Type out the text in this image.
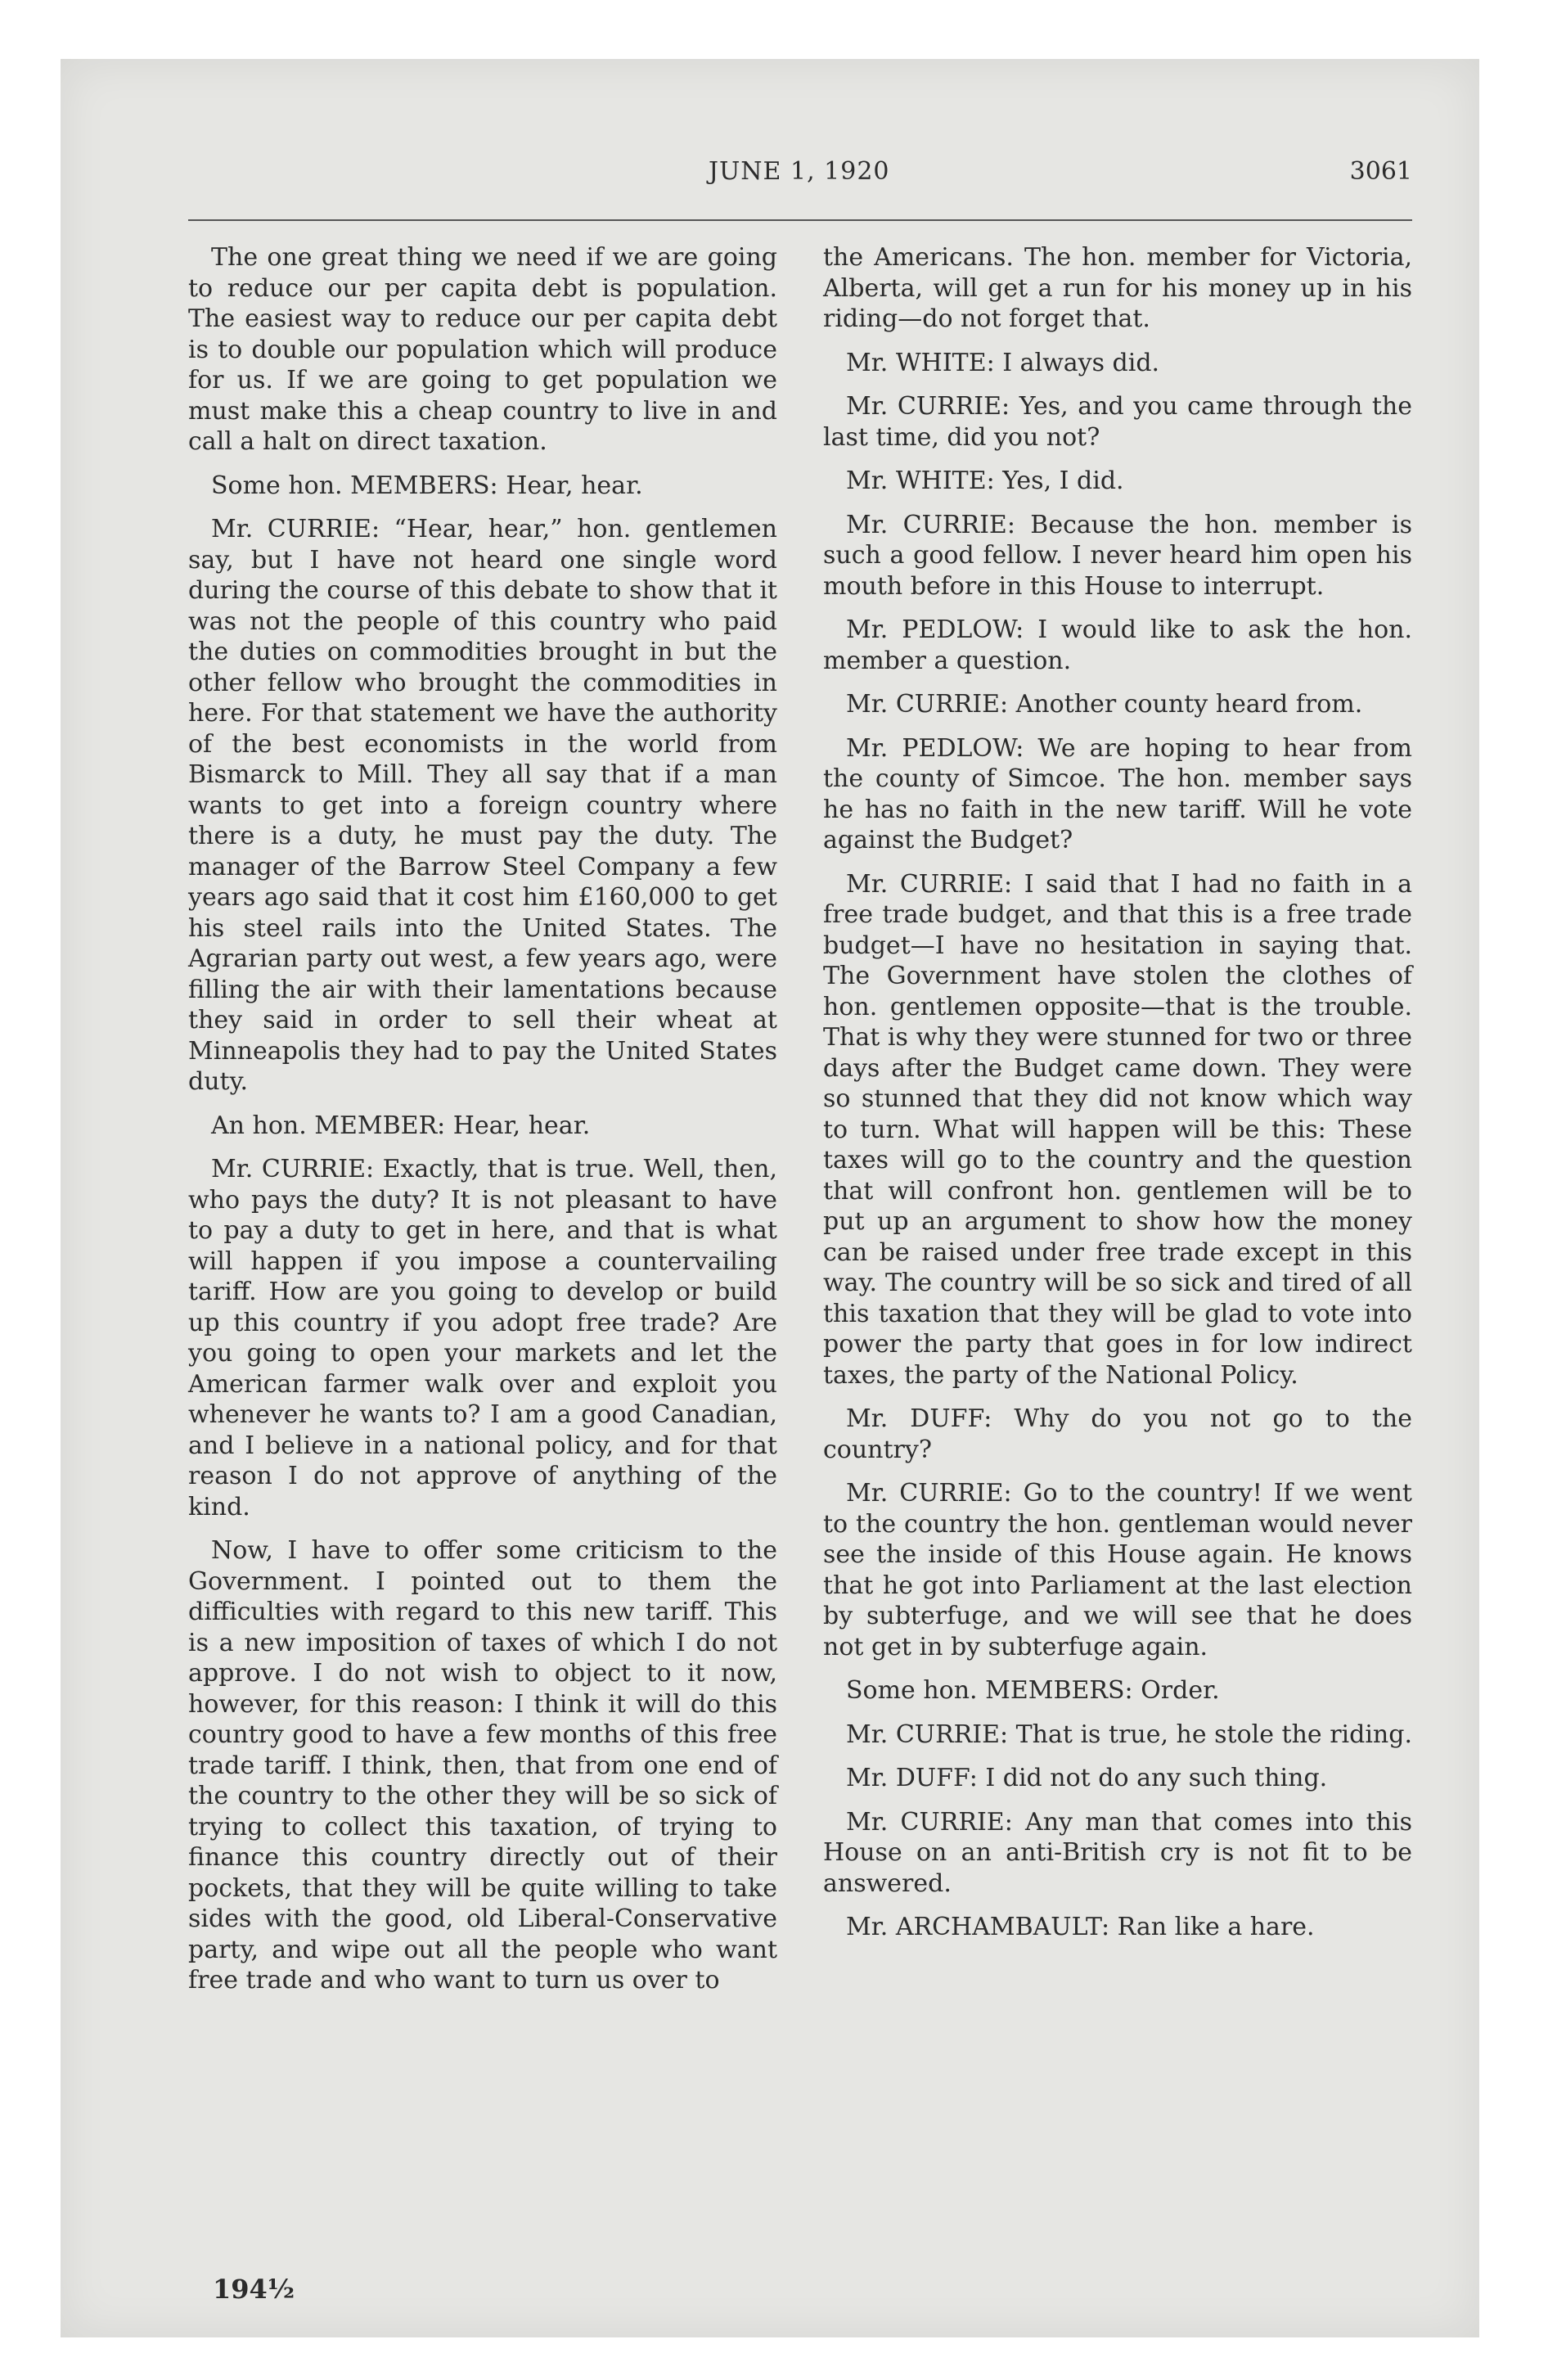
JUNE 1, 1920	3061

The one great thing we need if we are going to reduce our per capita debt is population. The easiest way to reduce our per capita debt is to double our population which will produce for us. If we are going to get population we must make this a cheap country to live in and call a halt on direct taxation.

Some hon. MEMBERS: Hear, hear.

Mr. CURRIE: “Hear, hear,” hon. gentlemen say, but I have not heard one single word during the course of this debate to show that it was not the people of this country who paid the duties on commodities brought in but the other fellow who brought the commodities in here. For that statement we have the authority of the best economists in the world from Bismarck to Mill. They all say that if a man wants to get into a foreign country where there is a duty, he must pay the duty. The manager of the Barrow Steel Company a few years ago said that it cost him £160,000 to get his steel rails into the United States. The Agrarian party out west, a few years ago, were filling the air with their lamentations because they said in order to sell their wheat at Minneapolis they had to pay the United States duty.

An hon. MEMBER: Hear, hear.

Mr. CURRIE: Exactly, that is true. Well, then, who pays the duty? It is not pleasant to have to pay a duty to get in here, and that is what will happen if you impose a countervailing tariff. How are you going to develop or build up this country if you adopt free trade? Are you going to open your markets and let the American farmer walk over and exploit you whenever he wants to? I am a good Canadian, and I believe in a national policy, and for that reason I do not approve of anything of the kind.

Now, I have to offer some criticism to the Government. I pointed out to them the difficulties with regard to this new tariff. This is a new imposition of taxes of which I do not approve. I do not wish to object to it now, however, for this reason: I think it will do this country good to have a few months of this free trade tariff. I think, then, that from one end of the country to the other they will be so sick of trying to collect this taxation, of trying to finance this country directly out of their pockets, that they will be quite willing to take sides with the good, old Liberal-Conservative party, and wipe out all the people who want free trade and who want to turn us over to

the Americans. The hon. member for Victoria, Alberta, will get a run for his money up in his riding—do not forget that.

Mr. WHITE: I always did.

Mr. CURRIE: Yes, and you came through the last time, did you not?

Mr. WHITE: Yes, I did.

Mr. CURRIE: Because the hon. member is such a good fellow. I never heard him open his mouth before in this House to interrupt.

Mr. PEDLOW: I would like to ask the hon. member a question.

Mr. CURRIE: Another county heard from.

Mr. PEDLOW: We are hoping to hear from the county of Simcoe. The hon. member says he has no faith in the new tariff. Will he vote against the Budget?

Mr. CURRIE: I said that I had no faith in a free trade budget, and that this is a free trade budget—I have no hesitation in saying that. The Government have stolen the clothes of hon. gentlemen opposite—that is the trouble. That is why they were stunned for two or three days after the Budget came down. They were so stunned that they did not know which way to turn. What will happen will be this: These taxes will go to the country and the question that will confront hon. gentlemen will be to put up an argument to show how the money can be raised under free trade except in this way. The country will be so sick and tired of all this taxation that they will be glad to vote into power the party that goes in for low indirect taxes, the party of the National Policy.

Mr. DUFF: Why do you not go to the country?

Mr. CURRIE: Go to the country! If we went to the country the hon. gentleman would never see the inside of this House again. He knows that he got into Parliament at the last election by subterfuge, and we will see that he does not get in by subterfuge again.

Some hon. MEMBERS: Order.

Mr. CURRIE: That is true, he stole the riding.

Mr. DUFF: I did not do any such thing.

Mr. CURRIE: Any man that comes into this House on an anti-British cry is not fit to be answered.

Mr. ARCHAMBAULT: Ran like a hare.

194½
